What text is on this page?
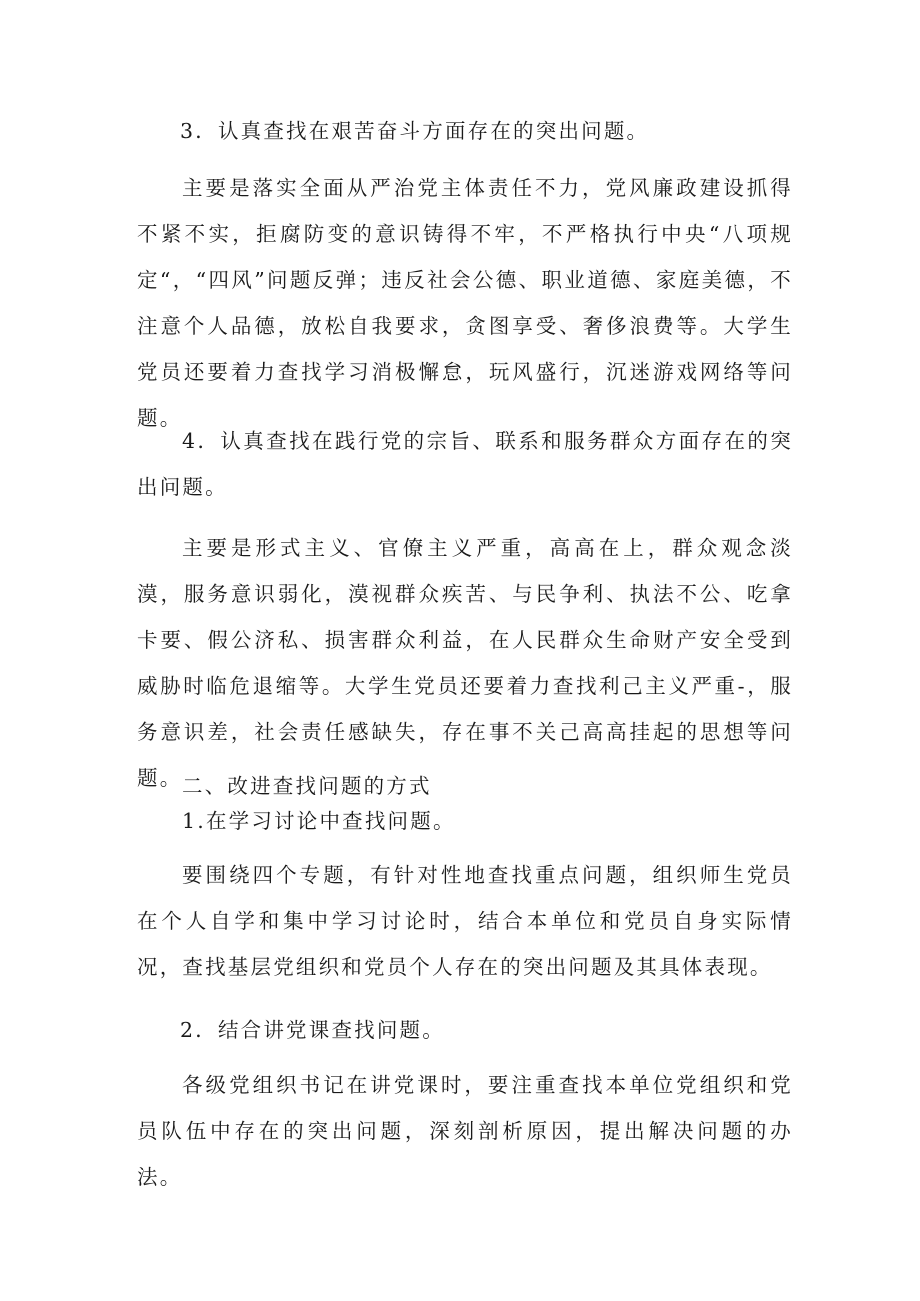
3．认真查找在艰苦奋斗方面存在的突出问题。

主要是落实全面从严治党主体责任不力，党风廉政建设抓得不紧不实，拒腐防变的意识铸得不牢，不严格执行中央“八项规定“，“四风”问题反弹；违反社会公德、职业道德、家庭美德，不注意个人品德，放松自我要求，贪图享受、奢侈浪费等。大学生党员还要着力查找学习消极懈怠，玩风盛行，沉迷游戏网络等问题。

4．认真查找在践行党的宗旨、联系和服务群众方面存在的突出问题。

主要是形式主义、官僚主义严重，高高在上，群众观念淡漠，服务意识弱化，漠视群众疾苦、与民争利、执法不公、吃拿卡要、假公济私、损害群众利益，在人民群众生命财产安全受到威胁时临危退缩等。大学生党员还要着力查找利己主义严重-，服务意识差，社会责任感缺失，存在事不关己高高挂起的思想等问题。 二、改进查找问题的方式

1.在学习讨论中查找问题。

要围绕四个专题，有针对性地查找重点问题，组织师生党员在个人自学和集中学习讨论时，结合本单位和党员自身实际情况，查找基层党组织和党员个人存在的突出问题及其具体表现。

2．结合讲党课查找问题。

各级党组织书记在讲党课时，要注重查找本单位党组织和党员队伍中存在的突出问题，深刻剖析原因，提出解决问题的办法。
